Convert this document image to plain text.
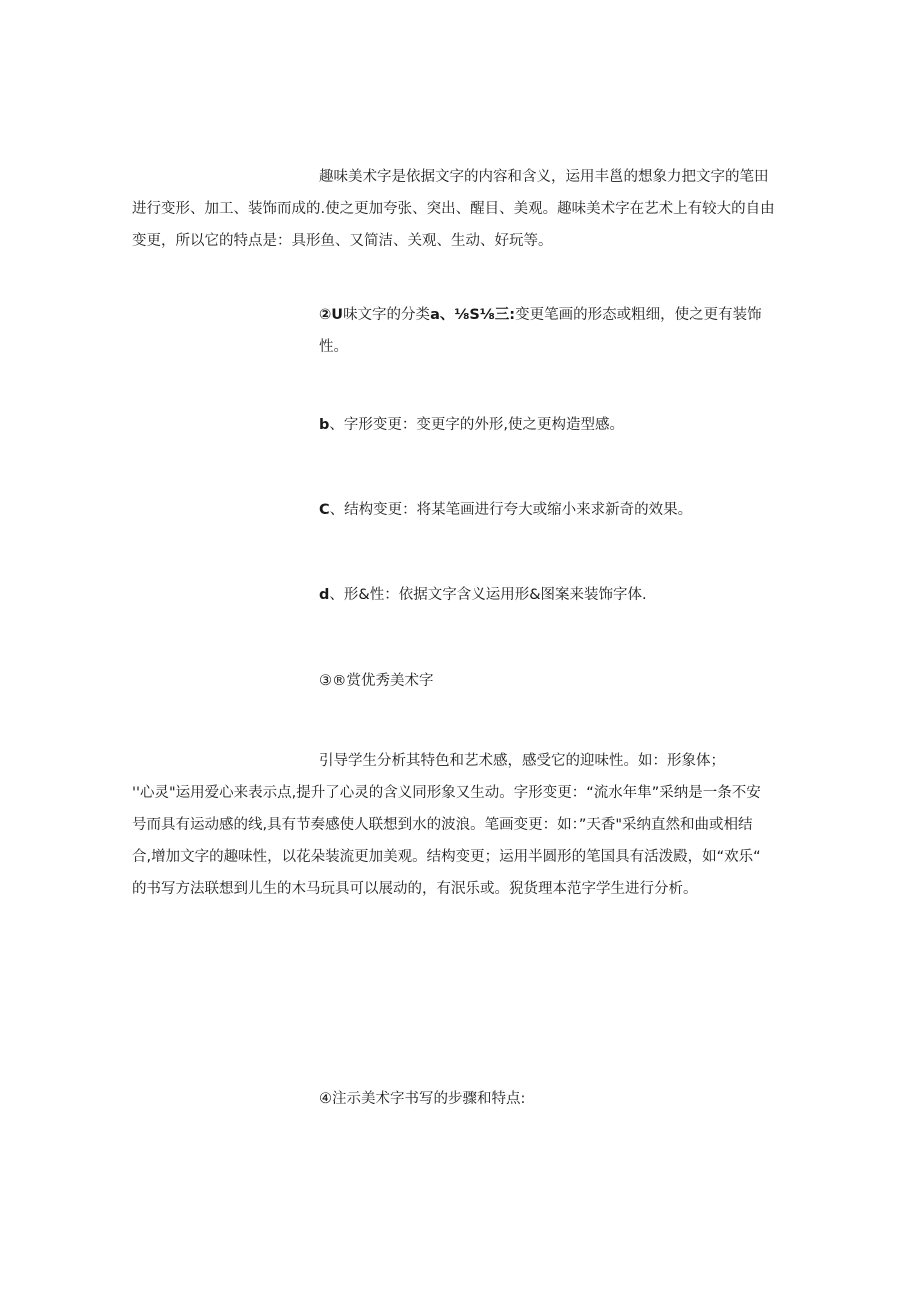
趣味美术字是依据文字的内容和含义，运用丰邕的想象力把文字的笔田
进行变形、加工、装饰而成的.使之更加夸张、突出、醒目、美观。趣味美术字在艺术上有较大的自由
变更，所以它的特点是：具形鱼、又简洁、关观、生动、好玩等。
②U味文字的分类a、⅛S⅛三:变更笔画的形态或粗细，使之更有装饰
性。
b、字形变更：变更字的外形,使之更构造型感。
C、结构变更：将某笔画进行夸大或缩小来求新奇的效果。
d、形&性：依据文字含义运用形&图案来装饰字体.
③®赏优秀美术字
引导学生分析其特色和艺术感，感受它的迎味性。如：形象体；
''心灵"运用爱心来表示点,提升了心灵的含义同形象又生动。字形变更：“流水年隼”采纳是一条不安
号而具有运动感的线,具有节奏感使人联想到水的波浪。笔画变更：如：”天香"采纳直然和曲或相结
合,增加文字的趣味性，以花朵装流更加美观。结构变更；运用半圆形的笔国具有活泼殿，如“欢乐“
的书写方法联想到儿生的木马玩具可以展动的，有泯乐或。猊货理本范字学生进行分析。
④注示美术字书写的步骤和特点:
